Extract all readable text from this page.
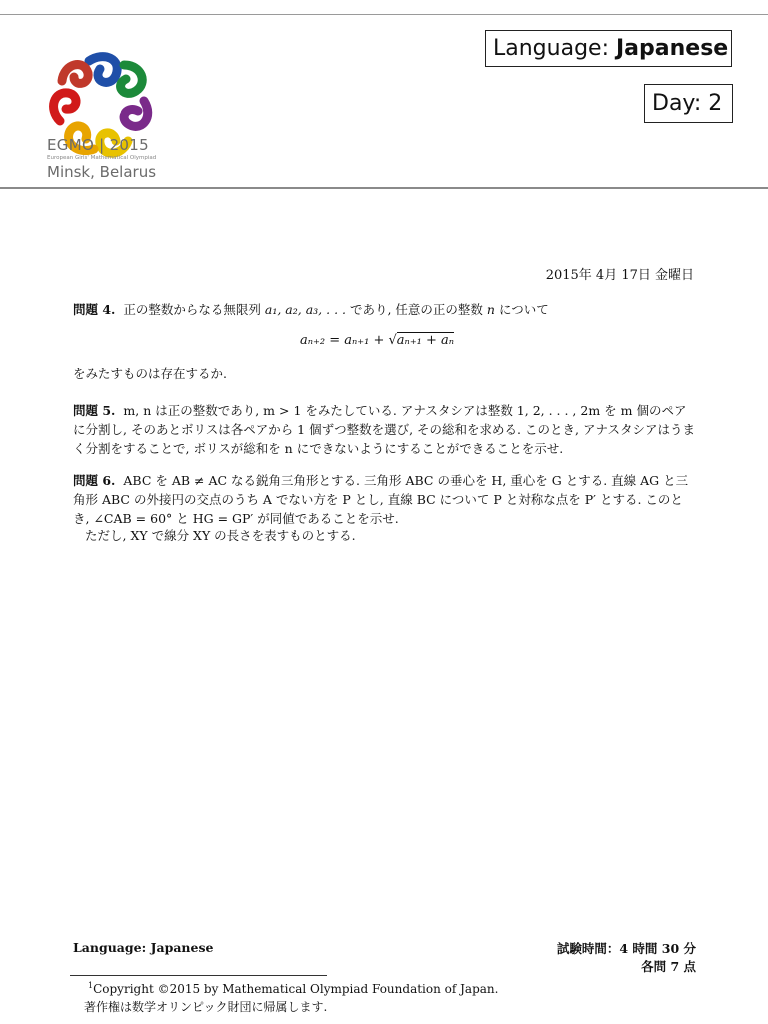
EGMO | 2015
European Girls' Mathematical Olympiad
Minsk, Belarus
Language: Japanese
Day: 2
2015年 4月 17日 金曜日
問題 4. 正の整数からなる無限列 a₁, a₂, a₃, . . . であり, 任意の正の整数 n について
aₙ₊₂ = aₙ₊₁ + √aₙ₊₁ + aₙ
をみたすものは存在するか.
問題 5. m, n は正の整数であり, m > 1 をみたしている. アナスタシアは整数 1, 2, . . . , 2m を m 個のペアに分割し, そのあとボリスは各ペアから 1 個ずつ整数を選び, その総和を求める. このとき, アナスタシアはうまく分割をすることで, ボリスが総和を n にできないようにすることができることを示せ.
問題 6. ABC を AB ≠ AC なる鋭角三角形とする. 三角形 ABC の垂心を H, 重心を G とする. 直線 AG と三角形 ABC の外接円の交点のうち A でない方を P とし, 直線 BC について P と対称な点を P′ とする. このとき, ∠CAB = 60° と HG = GP′ が同値であることを示せ.
ただし, XY で線分 XY の長さを表すものとする.
Language: Japanese	試験時間：4 時間 30 分
各問 7 点
$^1$Copyright ©2015 by Mathematical Olympiad Foundation of Japan.
著作権は数学オリンピック財団に帰属します.
